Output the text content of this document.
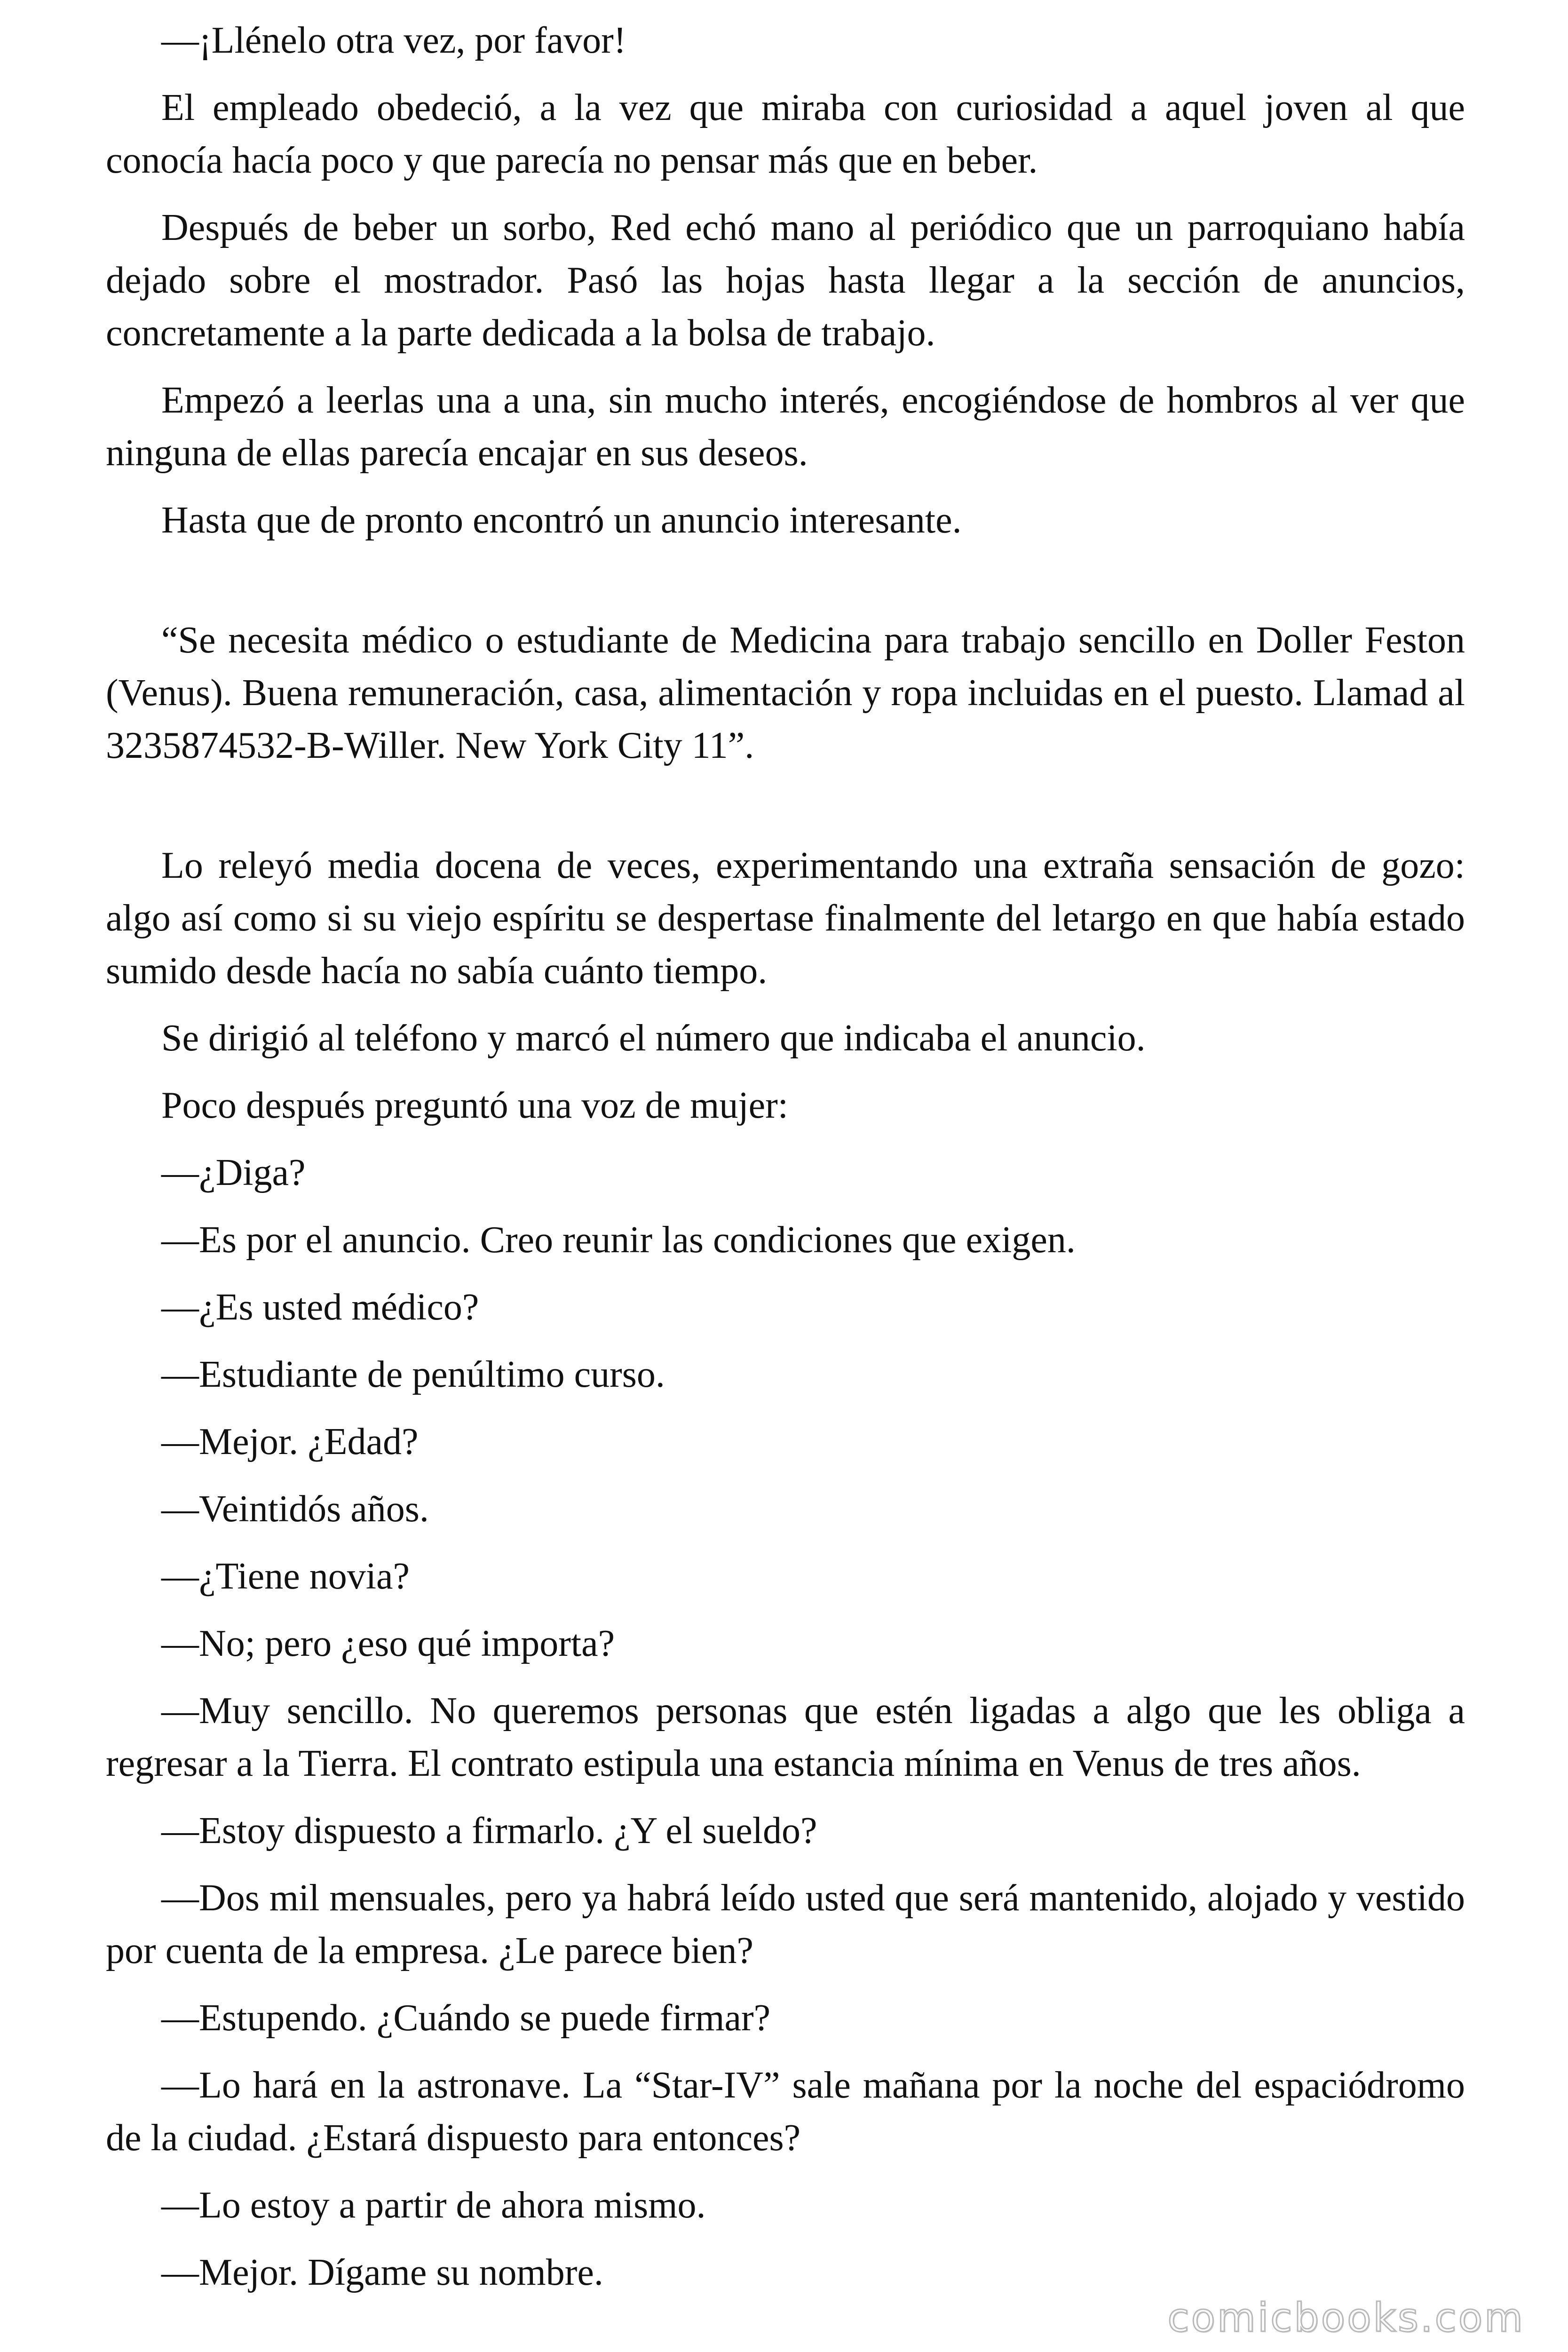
—¡Llénelo otra vez, por favor!

El empleado obedeció, a la vez que miraba con curiosidad a aquel joven al que conocía hacía poco y que parecía no pensar más que en beber.

Después de beber un sorbo, Red echó mano al periódico que un parroquiano había dejado sobre el mostrador. Pasó las hojas hasta llegar a la sección de anuncios, concretamente a la parte dedicada a la bolsa de trabajo.

Empezó a leerlas una a una, sin mucho interés, encogiéndose de hombros al ver que ninguna de ellas parecía encajar en sus deseos.

Hasta que de pronto encontró un anuncio interesante.

“Se necesita médico o estudiante de Medicina para trabajo sencillo en Doller Feston (Venus). Buena remuneración, casa, alimentación y ropa incluidas en el puesto. Llamad al 3235874532-B-Willer. New York City 11”.

Lo releyó media docena de veces, experimentando una extraña sensación de gozo: algo así como si su viejo espíritu se despertase finalmente del letargo en que había estado sumido desde hacía no sabía cuánto tiempo.

Se dirigió al teléfono y marcó el número que indicaba el anuncio.

Poco después preguntó una voz de mujer:

—¿Diga?

—Es por el anuncio. Creo reunir las condiciones que exigen.

—¿Es usted médico?

—Estudiante de penúltimo curso.

—Mejor. ¿Edad?

—Veintidós años.

—¿Tiene novia?

—No; pero ¿eso qué importa?

—Muy sencillo. No queremos personas que estén ligadas a algo que les obliga a regresar a la Tierra. El contrato estipula una estancia mínima en Venus de tres años.

—Estoy dispuesto a firmarlo. ¿Y el sueldo?

—Dos mil mensuales, pero ya habrá leído usted que será mantenido, alojado y vestido por cuenta de la empresa. ¿Le parece bien?

—Estupendo. ¿Cuándo se puede firmar?

—Lo hará en la astronave. La “Star-IV” sale mañana por la noche del espaciódromo de la ciudad. ¿Estará dispuesto para entonces?

—Lo estoy a partir de ahora mismo.

—Mejor. Dígame su nombre.

comicbooks.com
